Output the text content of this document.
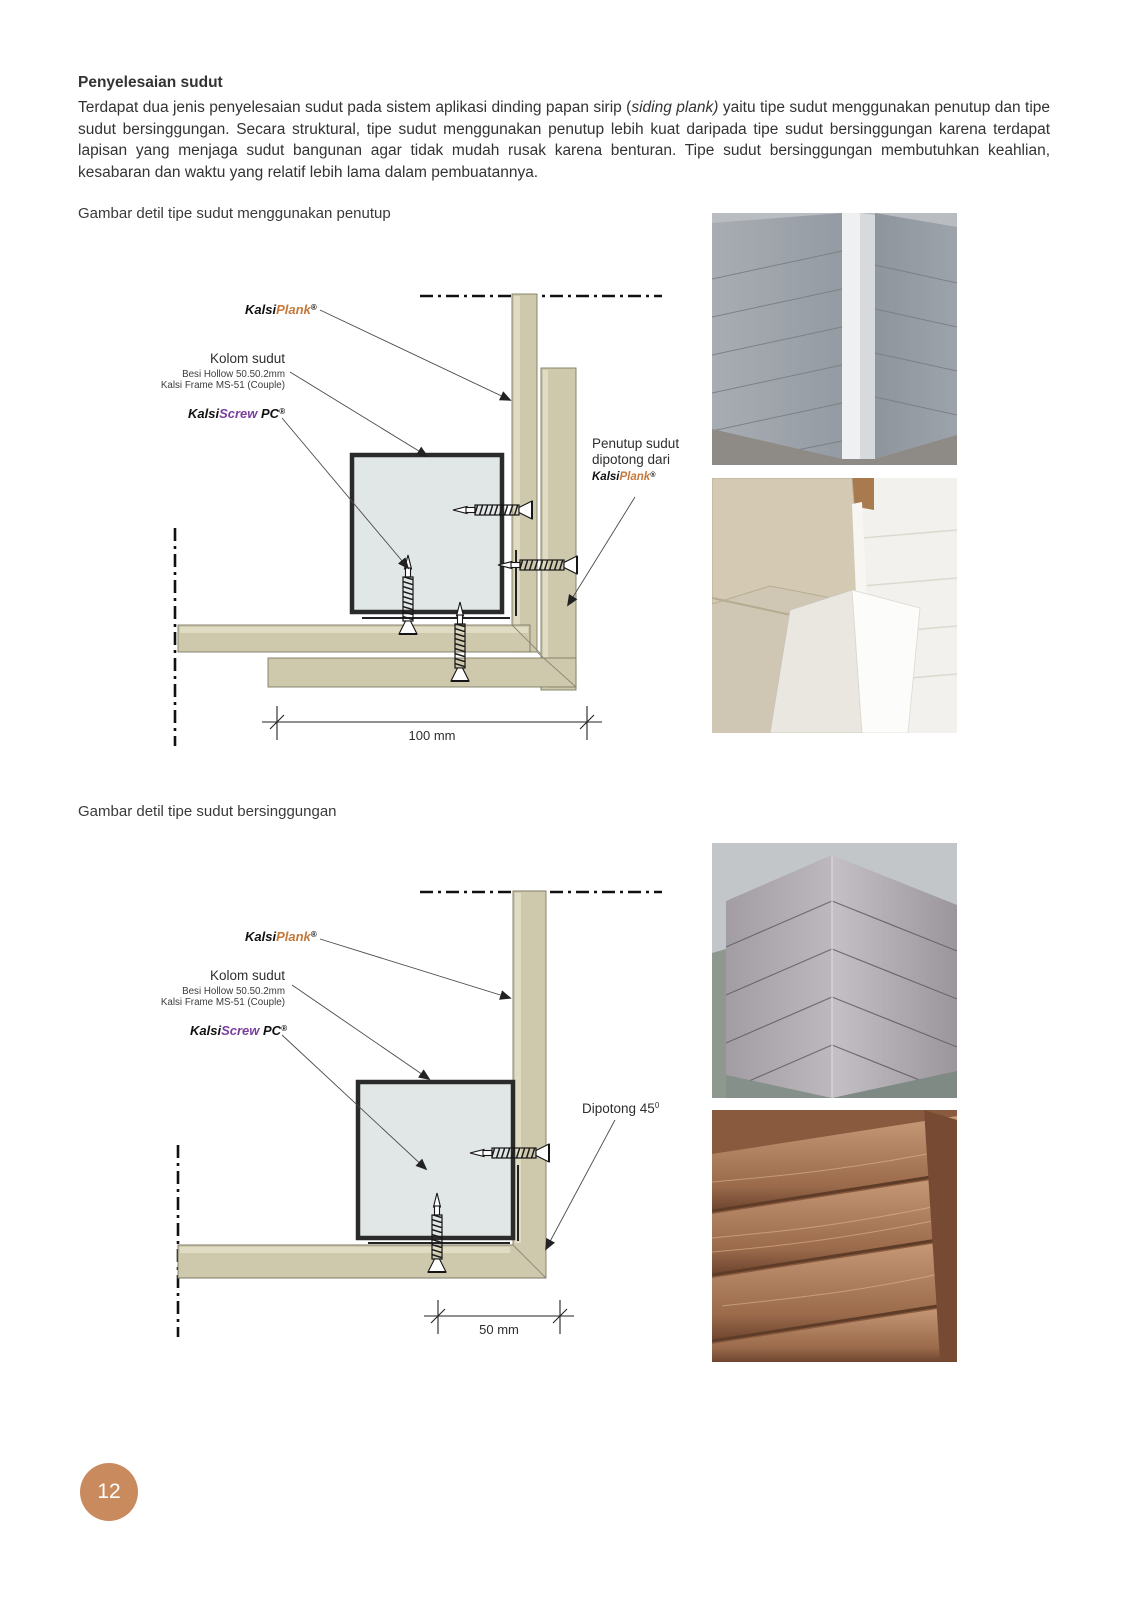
Penyelesaian sudut

Terdapat dua jenis penyelesaian sudut pada sistem aplikasi dinding papan sirip (siding plank) yaitu tipe sudut menggunakan penutup dan tipe sudut bersinggungan. Secara struktural, tipe sudut menggunakan penutup lebih kuat daripada tipe sudut bersinggungan karena terdapat lapisan yang menjaga sudut bangunan agar tidak mudah rusak karena benturan. Tipe sudut bersinggungan membutuhkan keahlian, kesabaran dan waktu yang relatif lebih lama dalam pembuatannya.

Gambar detil tipe sudut menggunakan penutup
KalsiPlank®
Kolom sudut
Besi Hollow 50.50.2mm
Kalsi Frame MS-51 (Couple)
KalsiScrew PC®
Penutup sudut
dipotong dari
KalsiPlank®
100 mm
Gambar detil tipe sudut bersinggungan
KalsiPlank®
Kolom sudut
Besi Hollow 50.50.2mm
Kalsi Frame MS-51 (Couple)
KalsiScrew PC®
Dipotong $45^0$
50 mm
12
